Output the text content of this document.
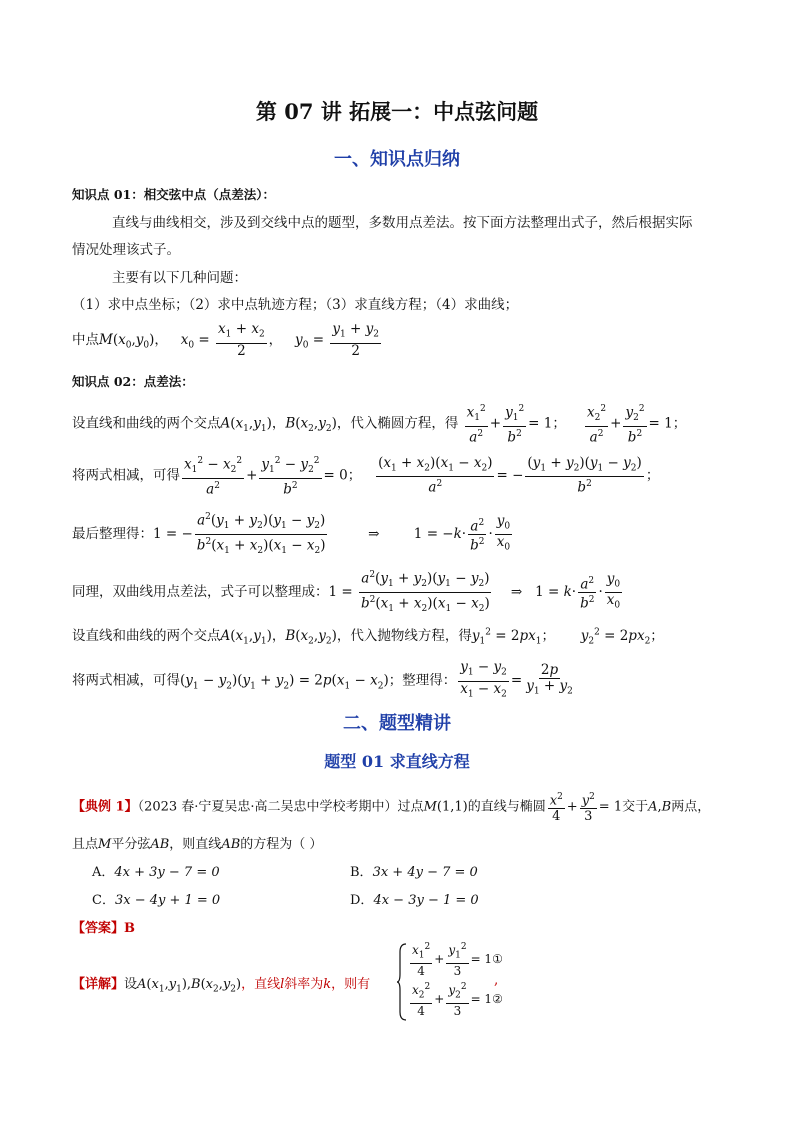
第 07 讲 拓展一：中点弦问题
一、知识点归纳
知识点 01：相交弦中点（点差法）：
直线与曲线相交，涉及到交线中点的题型，多数用点差法。按下面方法整理出式子，然后根据实际
情况处理该式子。
主要有以下几种问题：
（1）求中点坐标；（2）求中点轨迹方程；（3）求直线方程；（4）求曲线；
中点$M(x_0,y_0)$，   $x_0 = \frac{x_1 + x_2}{2}$ ，   $y_0 = \frac{y_1 + y_2}{2}$
知识点 02：点差法：
设直线和曲线的两个交点$A(x_1,y_1)$，$B(x_2,y_2)$，代入椭圆方程，得 $\frac{x_1^2}{a^2} + \frac{y_1^2}{b^2} = 1$； $\frac{x_2^2}{a^2} + \frac{y_2^2}{b^2} = 1$；
将两式相减，可得 $\frac{x_1^2 - x_2^2}{a^2} + \frac{y_1^2 - y_2^2}{b^2} = 0$； $\frac{(x_1 + x_2)(x_1 - x_2)}{a^2}$ = − $\frac{(y_1 + y_2)(y_1 - y_2)}{b^2}$ ；
最后整理得：1 = − $\frac{a^2(y_1 + y_2)(y_1 - y_2)}{b^2(x_1 + x_2)(x_1 - x_2)}$ ⇒        $1 = -k\cdot \frac{a^2}{b^2} \cdot \frac{y_0}{x_0}$
同理，双曲线用点差法，式子可以整理成：$1 = \frac{a^2(y_1 + y_2)(y_1 - y_2)}{b^2(x_1 + x_2)(x_1 - x_2)}$ ⇒   $1 = k\cdot \frac{a^2}{b^2} \cdot \frac{y_0}{x_0}$
设直线和曲线的两个交点$A(x_1,y_1)$，$B(x_2,y_2)$，代入抛物线方程，得$y_1^2 = 2px_1$；      $y_2^2 = 2px_2$；
将两式相减，可得$(y_1 - y_2)(y_1 + y_2) = 2p(x_1 - x_2)$；整理得： $\frac{y_1 - y_2}{x_1 - x_2} = \frac{2p}{y_1 + y_2}$
二、题型精讲
题型 01 求直线方程
【典例 1】（2023 春·宁夏吴忠·高二吴忠中学校考期中）过点M(1,1)的直线与椭圆 $\frac{x^2}{4} + \frac{y^2}{3} = 1$交于A,B两点，
且点M平分弦AB，则直线AB的方程为（ ）
A．4x + 3y − 7 = 0	B．3x + 4y − 7 = 0
C．3x − 4y + 1 = 0	D．4x − 3y − 1 = 0
【答案】B
【详解】设$A(x_1,y_1),B(x_2,y_2)$，直线l斜率为k，则有
$\frac{x_1^2}{4} + \frac{y_1^2}{3}$ = 1①
$\frac{x_2^2}{4} + \frac{y_2^2}{3}$ = 1②
,
